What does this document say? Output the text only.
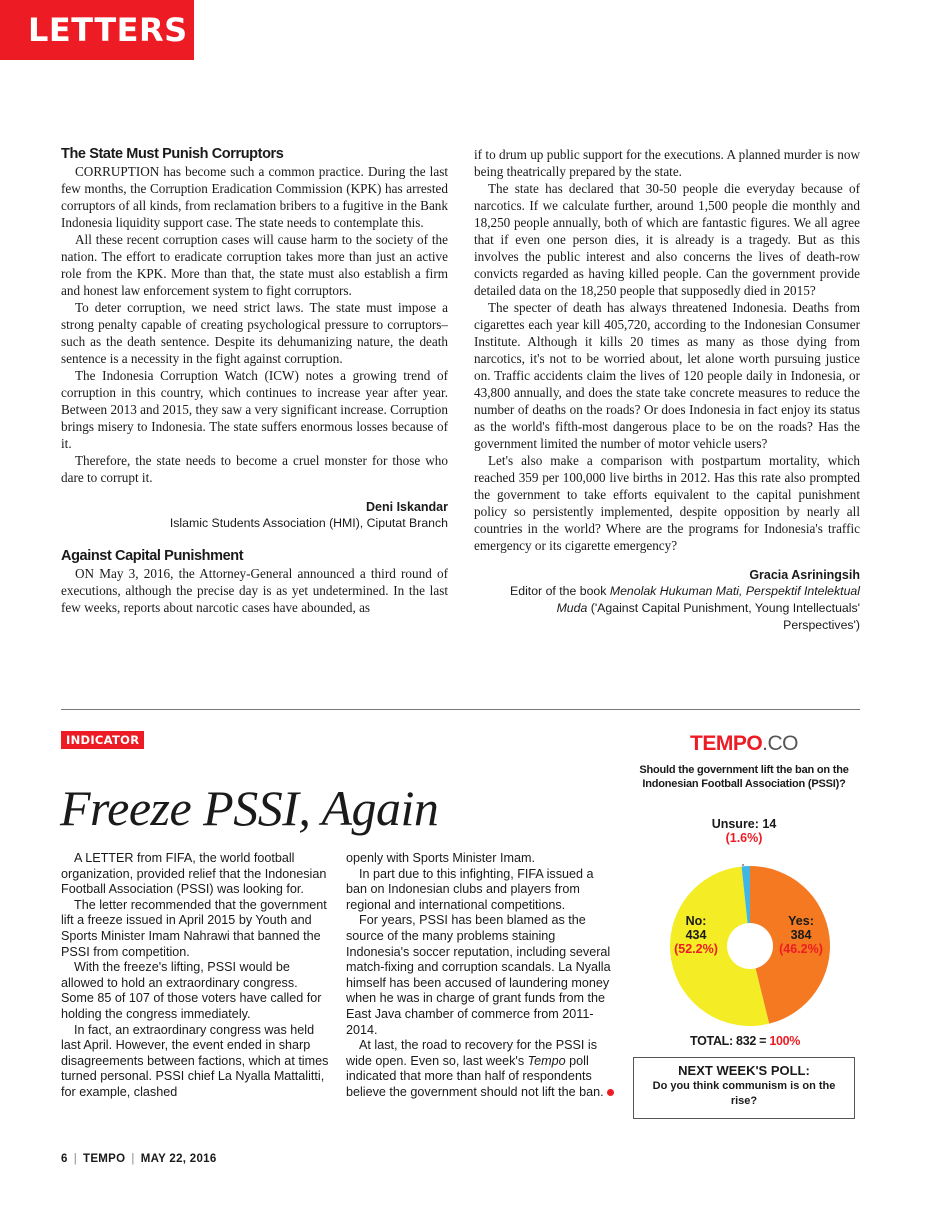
LETTERS
The State Must Punish Corruptors

CORRUPTION has become such a common practice. During the last few months, the Corruption Eradication Commission (KPK) has arrested corruptors of all kinds, from reclamation bribers to a fugitive in the Bank Indonesia liquidity support case. The state needs to contemplate this.

All these recent corruption cases will cause harm to the society of the nation. The effort to eradicate corruption takes more than just an active role from the KPK. More than that, the state must also establish a firm and honest law enforcement system to fight corruptors.

To deter corruption, we need strict laws. The state must impose a strong penalty capable of creating psychological pressure to corruptors–such as the death sentence. Despite its dehumanizing nature, the death sentence is a necessity in the fight against corruption.

The Indonesia Corruption Watch (ICW) notes a growing trend of corruption in this country, which continues to increase year after year. Between 2013 and 2015, they saw a very significant increase. Corruption brings misery to Indonesia. The state suffers enormous losses because of it.

Therefore, the state needs to become a cruel monster for those who dare to corrupt it.

Deni Iskandar
Islamic Students Association (HMI), Ciputat Branch
Against Capital Punishment

ON May 3, 2016, the Attorney-General announced a third round of executions, although the precise day is as yet undetermined. In the last few weeks, reports about narcotic cases have abounded, as

if to drum up public support for the executions. A planned murder is now being theatrically prepared by the state.

The state has declared that 30-50 people die everyday because of narcotics. If we calculate further, around 1,500 people die monthly and 18,250 people annually, both of which are fantastic figures. We all agree that if even one person dies, it is already is a tragedy. But as this involves the public interest and also concerns the lives of death-row convicts regarded as having killed people. Can the government provide detailed data on the 18,250 people that supposedly died in 2015?

The specter of death has always threatened Indonesia. Deaths from cigarettes each year kill 405,720, according to the Indonesian Consumer Institute. Although it kills 20 times as many as those dying from narcotics, it's not to be worried about, let alone worth pursuing justice on. Traffic accidents claim the lives of 120 people daily in Indonesia, or 43,800 annually, and does the state take concrete measures to reduce the number of deaths on the roads? Or does Indonesia in fact enjoy its status as the world's fifth-most dangerous place to be on the roads? Has the government limited the number of motor vehicle users?

Let's also make a comparison with postpartum mortality, which reached 359 per 100,000 live births in 2012. Has this rate also prompted the government to take efforts equivalent to the capital punishment policy so persistently implemented, despite opposition by nearly all countries in the world? Where are the programs for Indonesia's traffic emergency or its cigarette emergency?

Gracia Asriningsih
Editor of the book Menolak Hukuman Mati, Perspektif Intelektual Muda ('Against Capital Punishment, Young Intellectuals' Perspectives')
INDICATOR
Freeze PSSI, Again

A LETTER from FIFA, the world football organization, provided relief that the Indonesian Football Association (PSSI) was looking for.

The letter recommended that the government lift a freeze issued in April 2015 by Youth and Sports Minister Imam Nahrawi that banned the PSSI from competition.

With the freeze's lifting, PSSI would be allowed to hold an extraordinary congress. Some 85 of 107 of those voters have called for holding the congress immediately.

In fact, an extraordinary congress was held last April. However, the event ended in sharp disagreements between factions, which at times turned personal. PSSI chief La Nyalla Mattalitti, for example, clashed

openly with Sports Minister Imam.

In part due to this infighting, FIFA issued a ban on Indonesian clubs and players from regional and international competitions.

For years, PSSI has been blamed as the source of the many problems staining Indonesia's soccer reputation, including several match-fixing and corruption scandals. La Nyalla himself has been accused of laundering money when he was in charge of grant funds from the East Java chamber of commerce from 2011-2014.

At last, the road to recovery for the PSSI is wide open. Even so, last week's Tempo poll indicated that more than half of respondents believe the government should not lift the ban.

TEMPO.CO
Should the government lift the ban on the Indonesian Football Association (PSSI)?
Unsure: 14
(1.6%)
No:
434
(52.2%)
Yes:
384
(46.2%)
TOTAL: 832 = 100%
NEXT WEEK'S POLL:
Do you think communism is on the rise?
6 | TEMPO | MAY 22, 2016
